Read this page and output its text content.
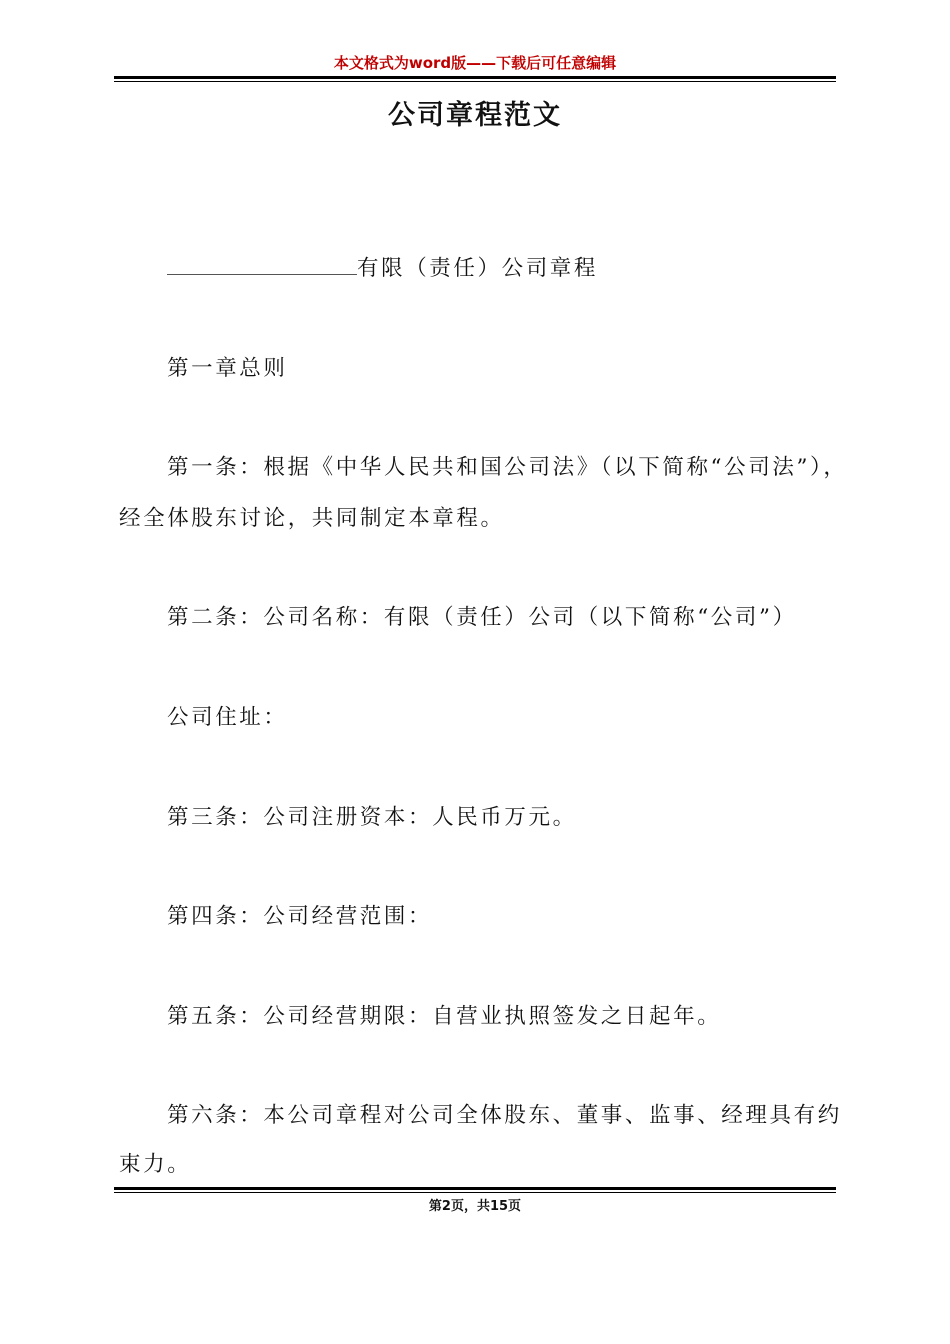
本文格式为word版——下载后可任意编辑
公司章程范文

有限（责任）公司章程

第一章总则

第一条：根据《中华人民共和国公司法》（以下简称“公司法”），

经全体股东讨论，共同制定本章程。

第二条：公司名称：有限（责任）公司（以下简称“公司”）

公司住址：

第三条：公司注册资本：人民币万元。

第四条：公司经营范围：

第五条：公司经营期限：自营业执照签发之日起年。

第六条：本公司章程对公司全体股东、董事、监事、经理具有约

束力。

第2页，共15页
